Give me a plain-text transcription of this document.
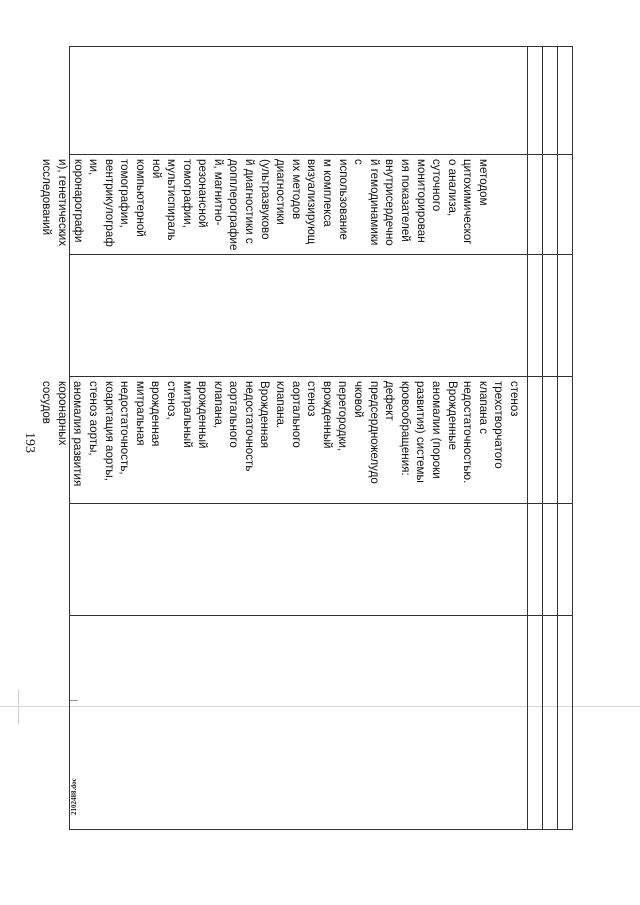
193

стеноз
трехстворчатого
клапана с
недостаточностью.
Врожденные
аномалии (пороки
развития) системы
кровообращения:
дефект
предсердножелудо
чковой
перегородки,
врожденный
стеноз
аортального
клапана.
Врожденная
недостаточность
аортального
клапана,
врожденный
митральный
стеноз,
врожденная
митральная
недостаточность,
коарктация аорты,
стеноз аорты,
аномалия развития
коронарных
сосудов

методом
цитохимическог
о анализа,
суточного
мониторирован
ия показателей
внутрисердечно
й гемодинамики
с
использование
м комплекса
визуализирующ
их методов
диагностики
(ультразвуково
й диагностики с
допплерографие
й, магнитно-
резонансной
томографии,
мультиспираль
ной
компьютерной
томографии,
вентрикулограф
ии,
коронарографи
и), генетических
исследований

2102488.doc
